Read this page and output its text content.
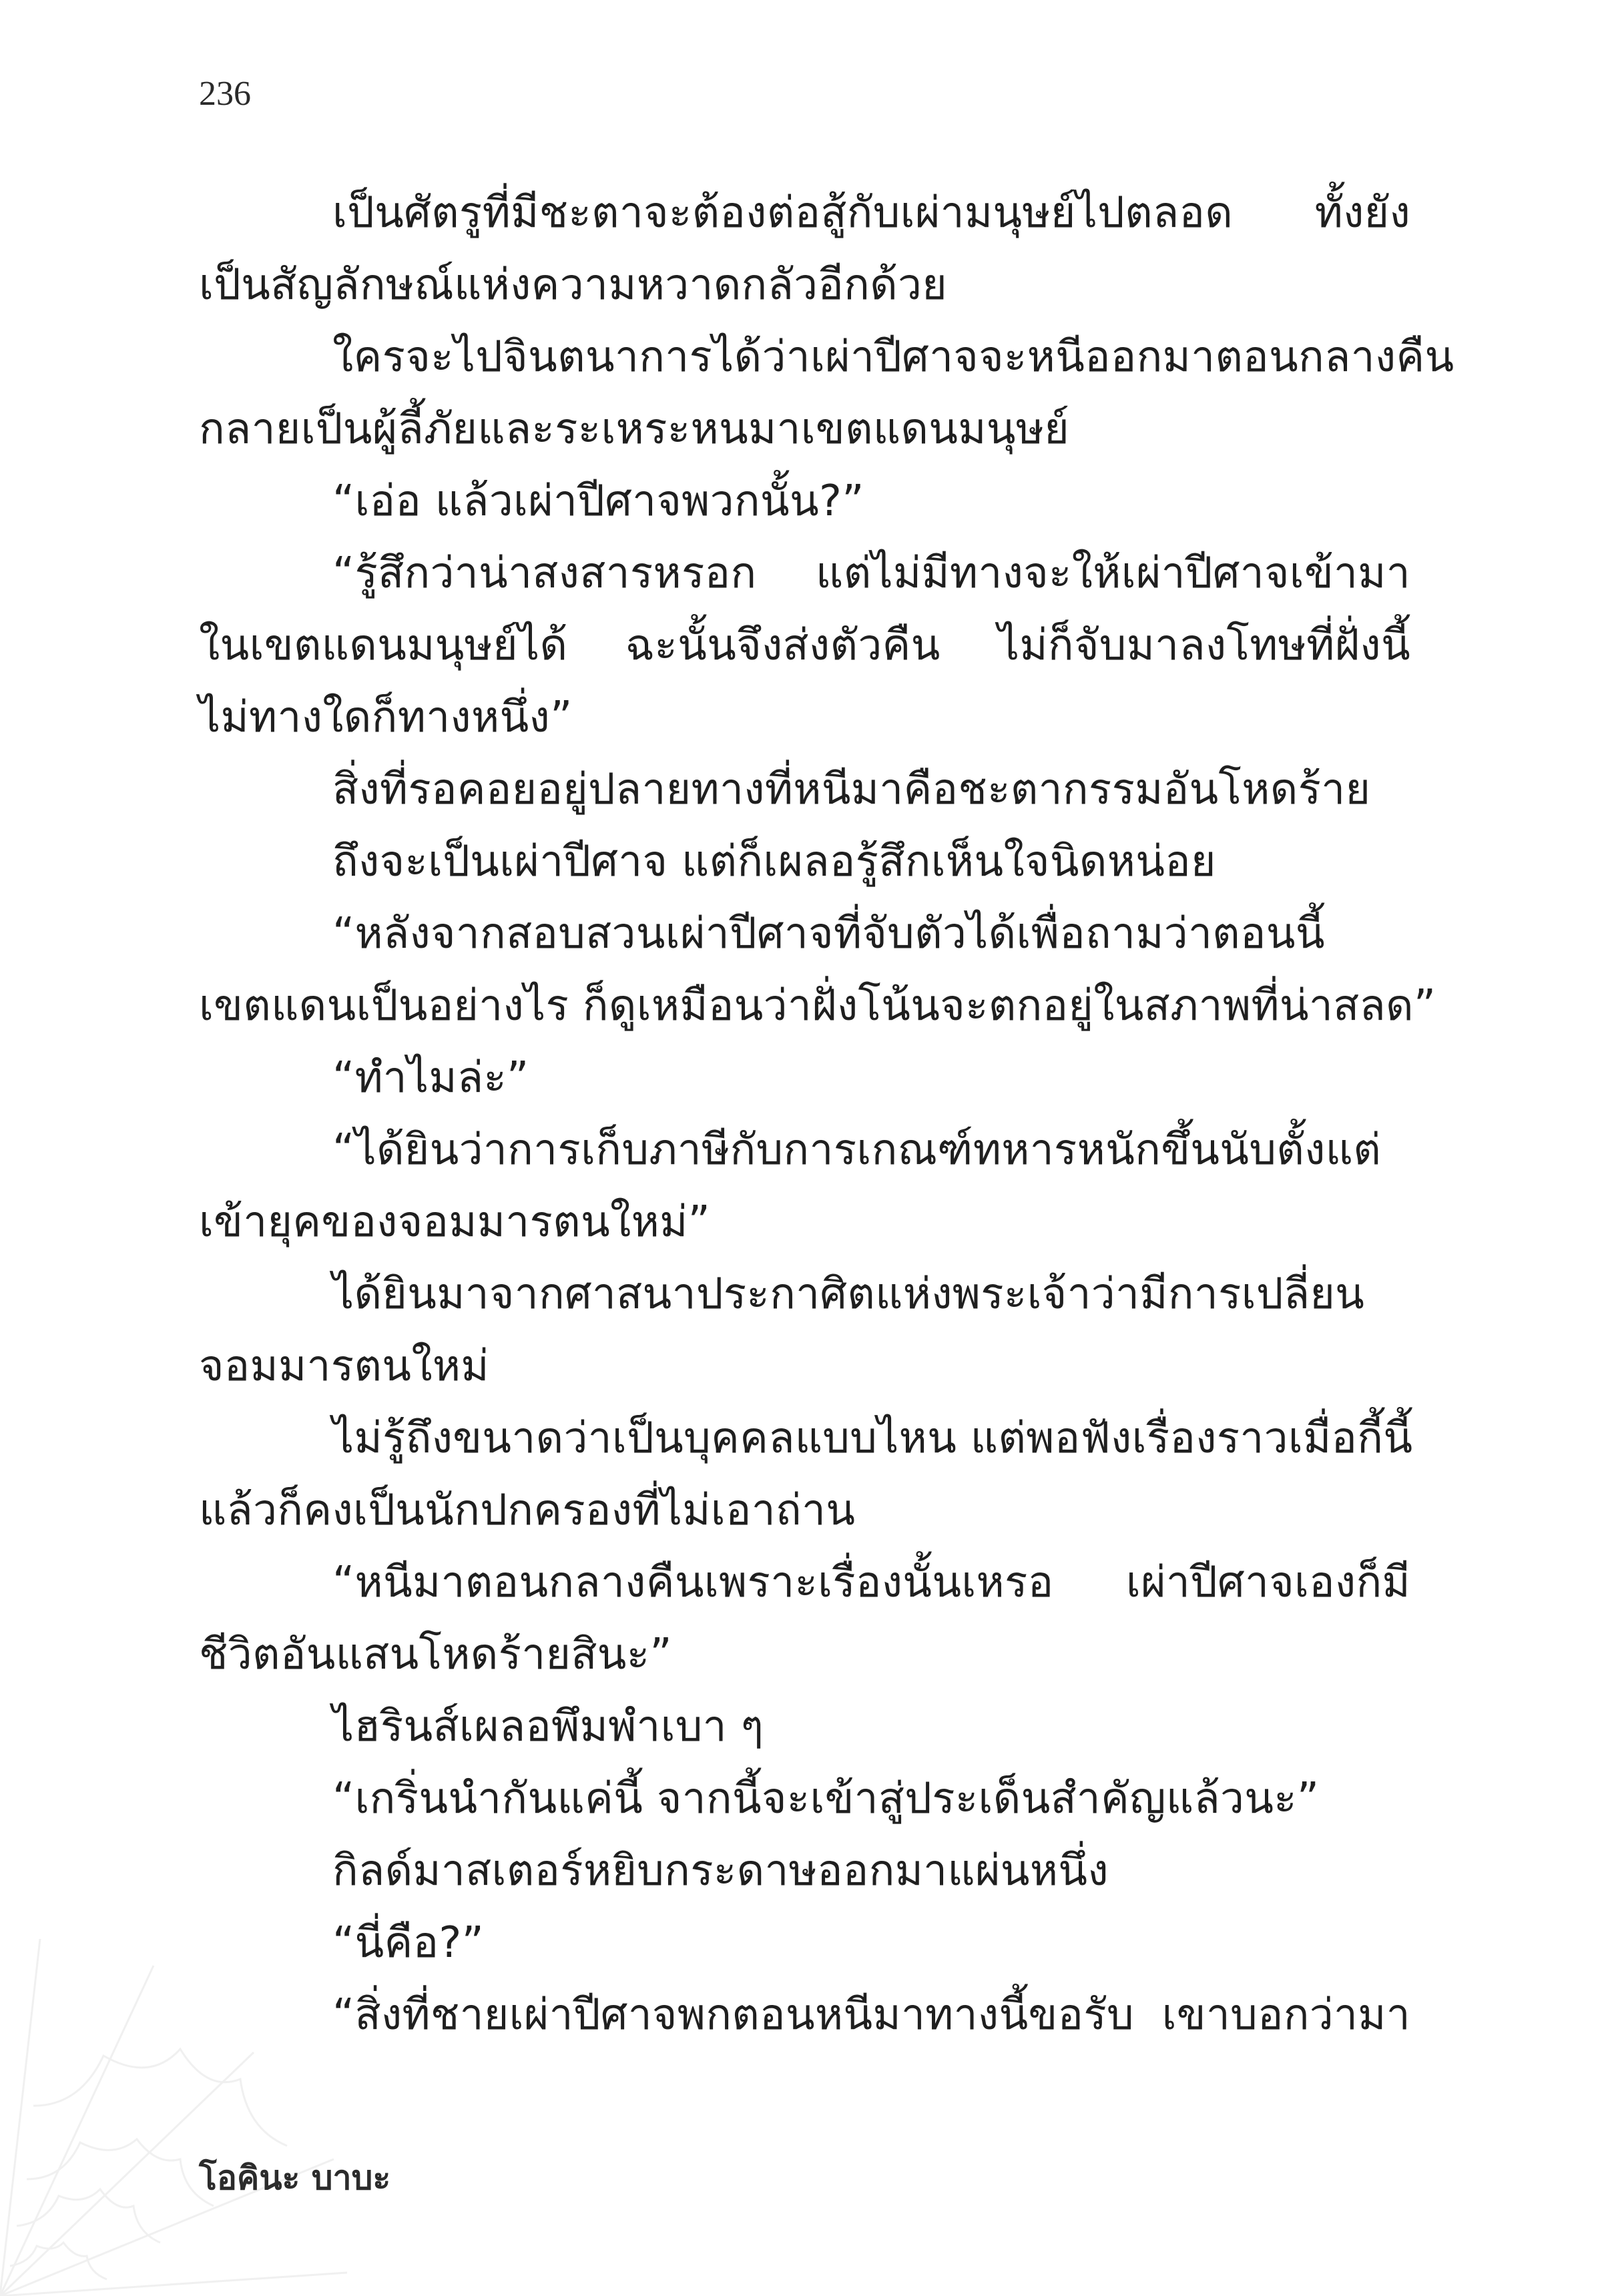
236
เป็นศัตรูที่มีชะตาจะต้องต่อสู้กับเผ่ามนุษย์ไปตลอด ทั้งยัง
เป็นสัญลักษณ์แห่งความหวาดกลัวอีกด้วย
ใครจะไปจินตนาการได้ว่าเผ่าปีศาจจะหนีออกมาตอนกลางคืน
กลายเป็นผู้ลี้ภัยและระเหระหนมาเขตแดนมนุษย์
“เอ่อ แล้วเผ่าปีศาจพวกนั้น?”
“รู้สึกว่าน่าสงสารหรอก แต่ไม่มีทางจะให้เผ่าปีศาจเข้ามา
ในเขตแดนมนุษย์ได้ ฉะนั้นจึงส่งตัวคืน ไม่ก็จับมาลงโทษที่ฝั่งนี้
ไม่ทางใดก็ทางหนึ่ง”
สิ่งที่รอคอยอยู่ปลายทางที่หนีมาคือชะตากรรมอันโหดร้าย
ถึงจะเป็นเผ่าปีศาจ แต่ก็เผลอรู้สึกเห็นใจนิดหน่อย
“หลังจากสอบสวนเผ่าปีศาจที่จับตัวได้เพื่อถามว่าตอนนี้
เขตแดนเป็นอย่างไร ก็ดูเหมือนว่าฝั่งโน้นจะตกอยู่ในสภาพที่น่าสลด”
“ทำไมล่ะ”
“ได้ยินว่าการเก็บภาษีกับการเกณฑ์ทหารหนักขึ้นนับตั้งแต่
เข้ายุคของจอมมารตนใหม่”
ได้ยินมาจากศาสนาประกาศิตแห่งพระเจ้าว่ามีการเปลี่ยน
จอมมารตนใหม่
ไม่รู้ถึงขนาดว่าเป็นบุคคลแบบไหน แต่พอฟังเรื่องราวเมื่อกี้นี้
แล้วก็คงเป็นนักปกครองที่ไม่เอาถ่าน
“หนีมาตอนกลางคืนเพราะเรื่องนั้นเหรอ เผ่าปีศาจเองก็มี
ชีวิตอันแสนโหดร้ายสินะ”
ไฮรินส์เผลอพึมพำเบา ๆ
“เกริ่นนำกันแค่นี้ จากนี้จะเข้าสู่ประเด็นสำคัญแล้วนะ”
กิลด์มาสเตอร์หยิบกระดาษออกมาแผ่นหนึ่ง
“นี่คือ?”
“สิ่งที่ชายเผ่าปีศาจพกตอนหนีมาทางนี้ขอรับ เขาบอกว่ามา
โอคินะ บาบะ
